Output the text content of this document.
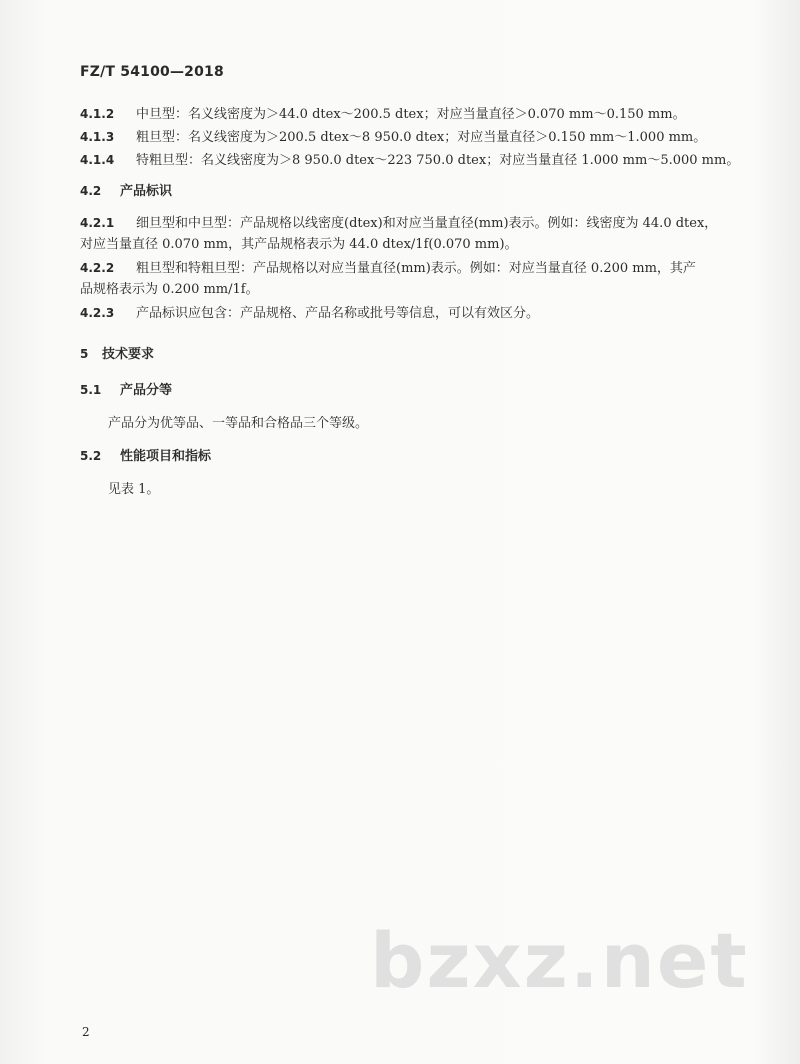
FZ/T 54100—2018
4.1.2 中旦型：名义线密度为＞44.0 dtex～200.5 dtex；对应当量直径＞0.070 mm～0.150 mm。
4.1.3 粗旦型：名义线密度为＞200.5 dtex～8 950.0 dtex；对应当量直径＞0.150 mm～1.000 mm。
4.1.4 特粗旦型：名义线密度为＞8 950.0 dtex～223 750.0 dtex；对应当量直径 1.000 mm～5.000 mm。
4.2 产品标识
4.2.1 细旦型和中旦型：产品规格以线密度(dtex)和对应当量直径(mm)表示。例如：线密度为 44.0 dtex，
对应当量直径 0.070 mm，其产品规格表示为 44.0 dtex/1f(0.070 mm)。
4.2.2 粗旦型和特粗旦型：产品规格以对应当量直径(mm)表示。例如：对应当量直径 0.200 mm，其产
品规格表示为 0.200 mm/1f。
4.2.3 产品标识应包含：产品规格、产品名称或批号等信息，可以有效区分。
5 技术要求
5.1 产品分等
产品分为优等品、一等品和合格品三个等级。
5.2 性能项目和指标
见表 1。
bzxz.net
2
